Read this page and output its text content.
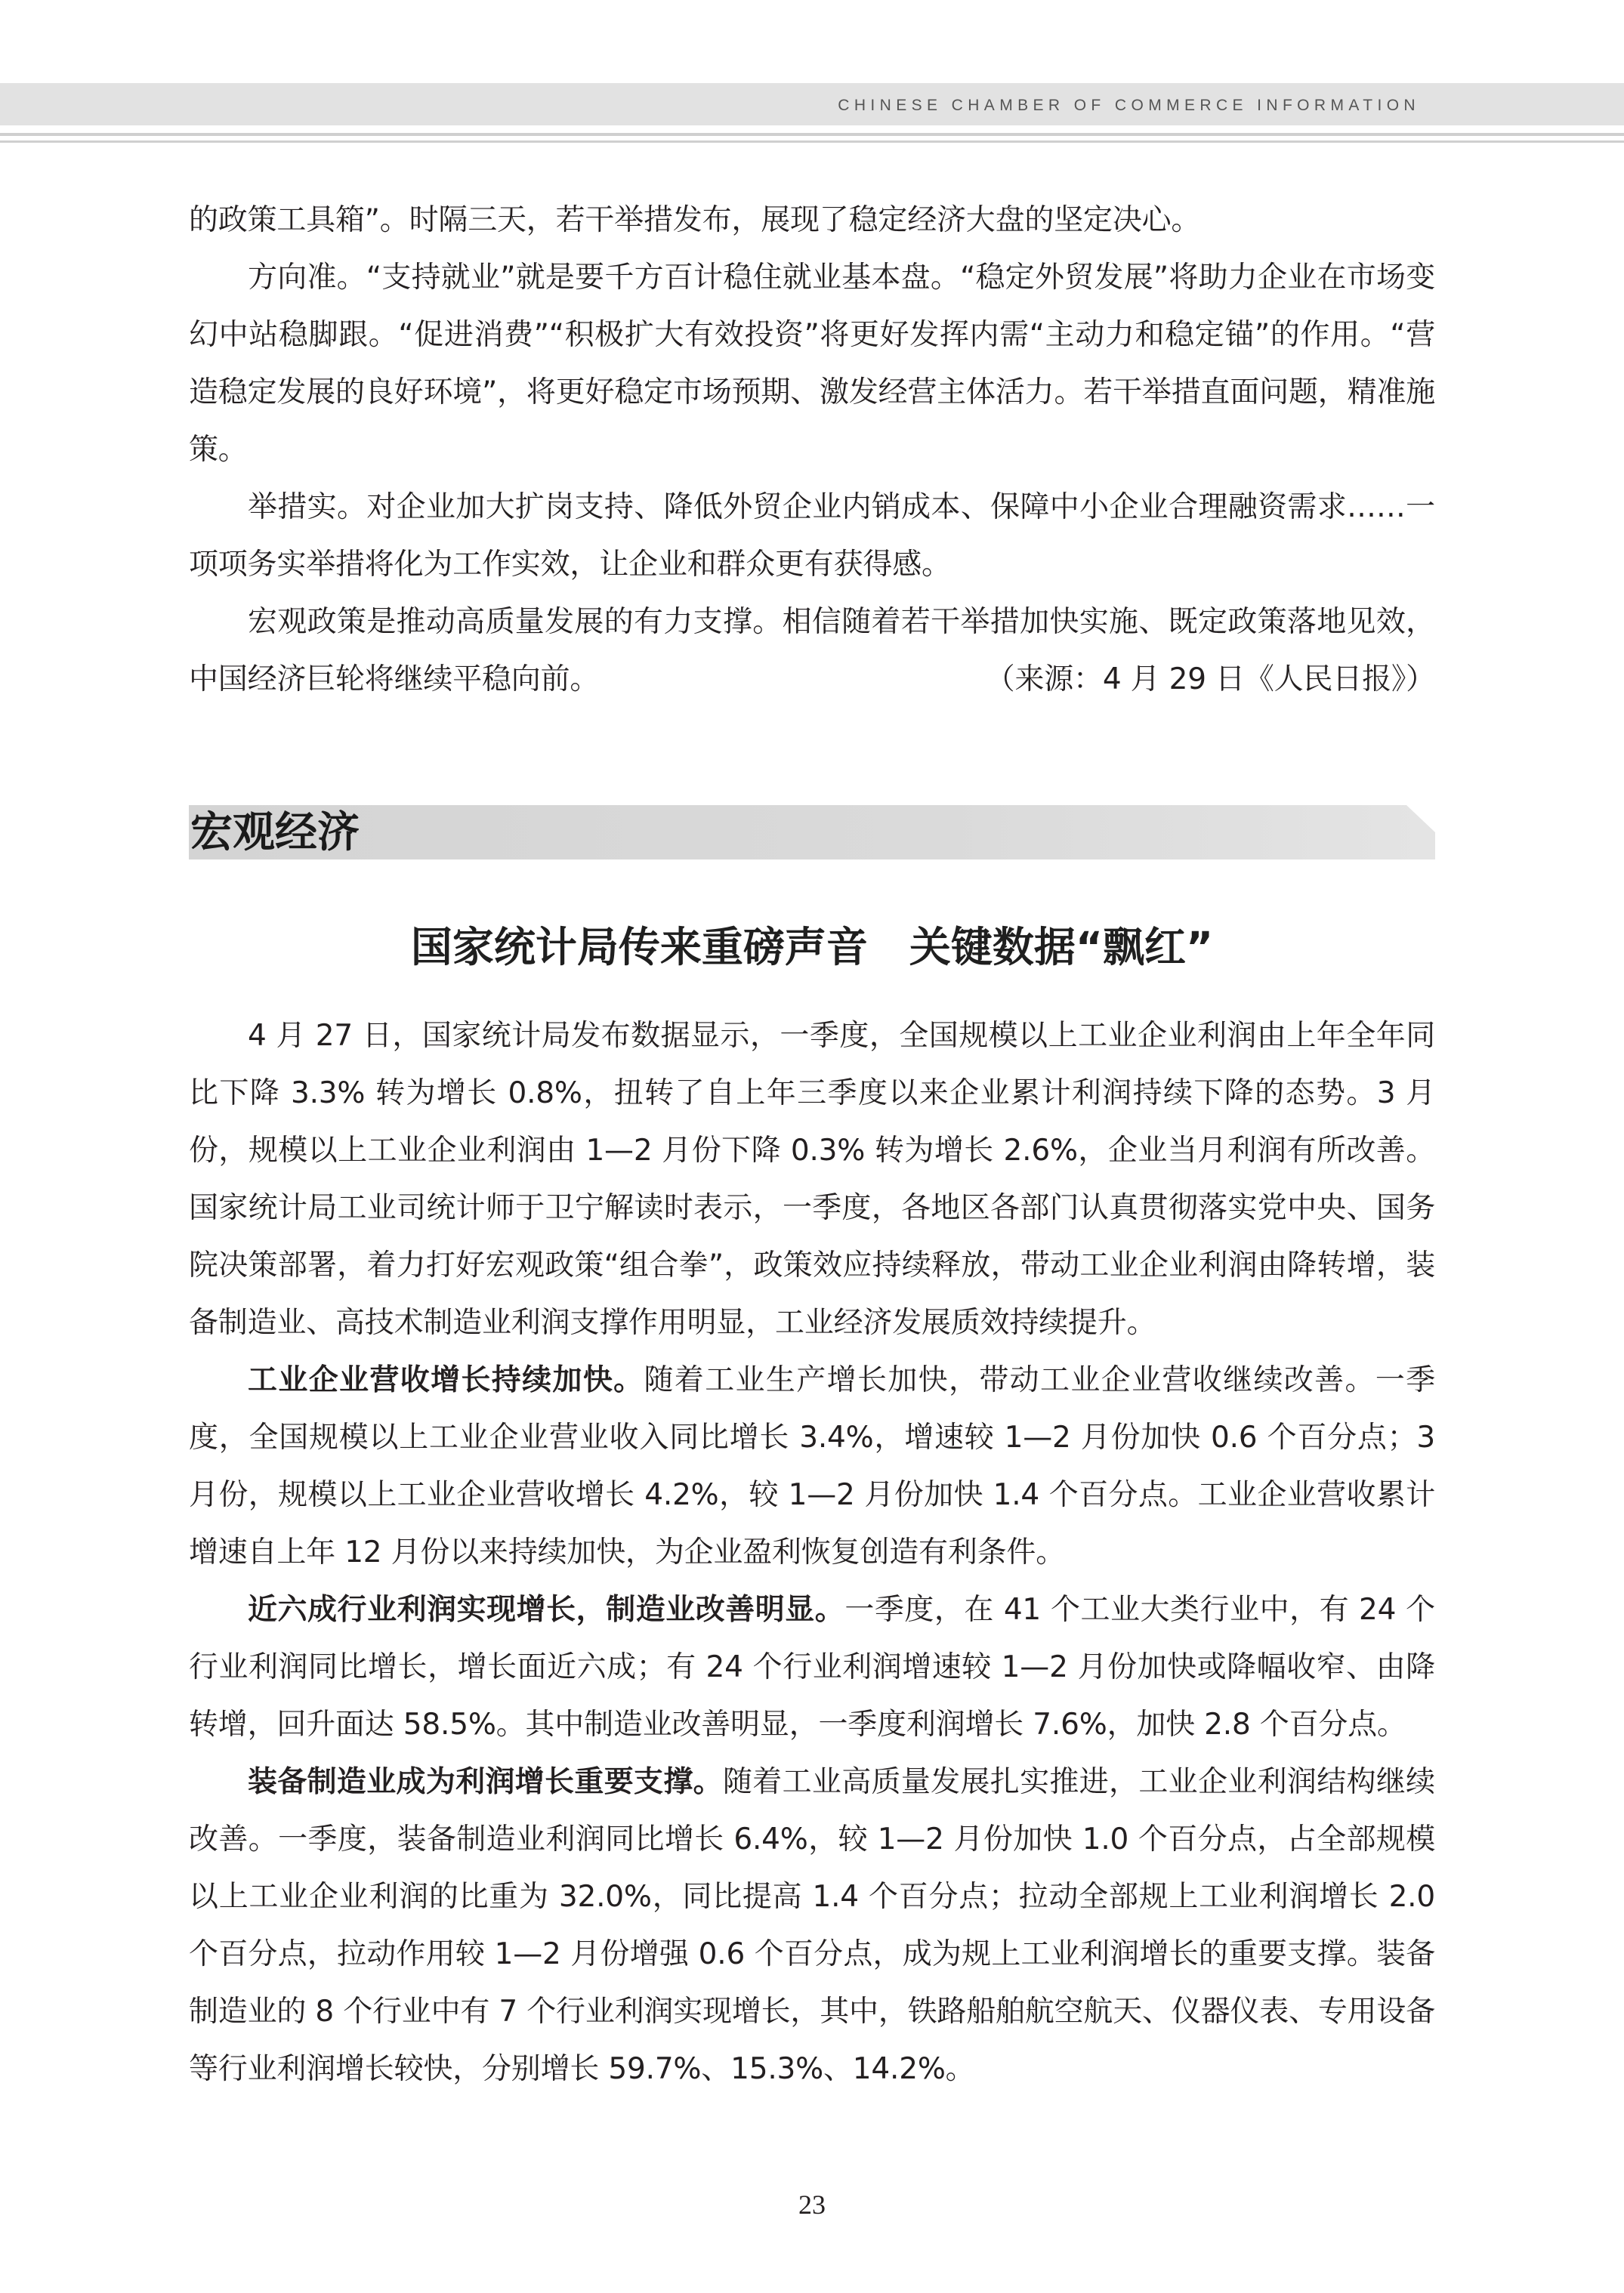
CHINESE CHAMBER OF COMMERCE INFORMATION

的政策工具箱”。时隔三天，若干举措发布，展现了稳定经济大盘的坚定决心。

方向准。“支持就业”就是要千方百计稳住就业基本盘。“稳定外贸发展”将助力企业在市场变幻中站稳脚跟。“促进消费”“积极扩大有效投资”将更好发挥内需“主动力和稳定锚”的作用。“营造稳定发展的良好环境”，将更好稳定市场预期、激发经营主体活力。若干举措直面问题，精准施策。

举措实。对企业加大扩岗支持、降低外贸企业内销成本、保障中小企业合理融资需求……一项项务实举措将化为工作实效，让企业和群众更有获得感。

宏观政策是推动高质量发展的有力支撑。相信随着若干举措加快实施、既定政策落地见效，中国经济巨轮将继续平稳向前。	（来源：4 月 29 日《人民日报》）

宏观经济
国家统计局传来重磅声音　关键数据“飘红”

4 月 27 日，国家统计局发布数据显示，一季度，全国规模以上工业企业利润由上年全年同比下降 3.3% 转为增长 0.8%，扭转了自上年三季度以来企业累计利润持续下降的态势。3 月份，规模以上工业企业利润由 1—2 月份下降 0.3% 转为增长 2.6%，企业当月利润有所改善。国家统计局工业司统计师于卫宁解读时表示，一季度，各地区各部门认真贯彻落实党中央、国务院决策部署，着力打好宏观政策“组合拳”，政策效应持续释放，带动工业企业利润由降转增，装备制造业、高技术制造业利润支撑作用明显，工业经济发展质效持续提升。

工业企业营收增长持续加快。随着工业生产增长加快，带动工业企业营收继续改善。一季度，全国规模以上工业企业营业收入同比增长 3.4%，增速较 1—2 月份加快 0.6 个百分点；3 月份，规模以上工业企业营收增长 4.2%，较 1—2 月份加快 1.4 个百分点。工业企业营收累计增速自上年 12 月份以来持续加快，为企业盈利恢复创造有利条件。

近六成行业利润实现增长，制造业改善明显。一季度，在 41 个工业大类行业中，有 24 个行业利润同比增长，增长面近六成；有 24 个行业利润增速较 1—2 月份加快或降幅收窄、由降转增，回升面达 58.5%。其中制造业改善明显，一季度利润增长 7.6%，加快 2.8 个百分点。

装备制造业成为利润增长重要支撑。随着工业高质量发展扎实推进，工业企业利润结构继续改善。一季度，装备制造业利润同比增长 6.4%，较 1—2 月份加快 1.0 个百分点，占全部规模以上工业企业利润的比重为 32.0%，同比提高 1.4 个百分点；拉动全部规上工业利润增长 2.0 个百分点，拉动作用较 1—2 月份增强 0.6 个百分点，成为规上工业利润增长的重要支撑。装备制造业的 8 个行业中有 7 个行业利润实现增长，其中，铁路船舶航空航天、仪器仪表、专用设备等行业利润增长较快，分别增长 59.7%、15.3%、14.2%。

23
